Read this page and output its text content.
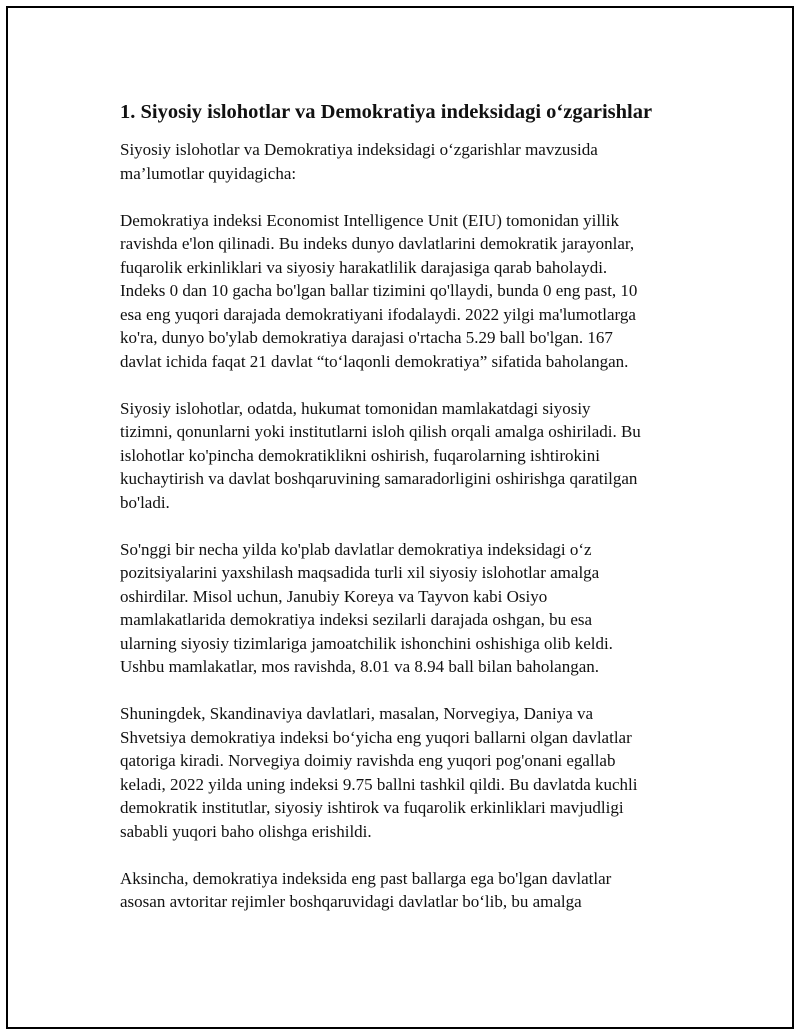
1. Siyosiy islohotlar va Demokratiya indeksidagi o‘zgarishlar
Siyosiy islohotlar va Demokratiya indeksidagi o‘zgarishlar mavzusida
ma’lumotlar quyidagicha:
Demokratiya indeksi Economist Intelligence Unit (EIU) tomonidan yillik
ravishda e'lon qilinadi. Bu indeks dunyo davlatlarini demokratik jarayonlar,
fuqarolik erkinliklari va siyosiy harakatlilik darajasiga qarab baholaydi.
Indeks 0 dan 10 gacha bo'lgan ballar tizimini qo'llaydi, bunda 0 eng past, 10
esa eng yuqori darajada demokratiyani ifodalaydi. 2022 yilgi ma'lumotlarga
ko'ra, dunyo bo'ylab demokratiya darajasi o'rtacha 5.29 ball bo'lgan. 167
davlat ichida faqat 21 davlat “to‘laqonli demokratiya” sifatida baholangan.
Siyosiy islohotlar, odatda, hukumat tomonidan mamlakatdagi siyosiy
tizimni, qonunlarni yoki institutlarni isloh qilish orqali amalga oshiriladi. Bu
islohotlar ko'pincha demokratiklikni oshirish, fuqarolarning ishtirokini
kuchaytirish va davlat boshqaruvining samaradorligini oshirishga qaratilgan
bo'ladi.
So'nggi bir necha yilda ko'plab davlatlar demokratiya indeksidagi o‘z
pozitsiyalarini yaxshilash maqsadida turli xil siyosiy islohotlar amalga
oshirdilar. Misol uchun, Janubiy Koreya va Tayvon kabi Osiyo
mamlakatlarida demokratiya indeksi sezilarli darajada oshgan, bu esa
ularning siyosiy tizimlariga jamoatchilik ishonchini oshishiga olib keldi.
Ushbu mamlakatlar, mos ravishda, 8.01 va 8.94 ball bilan baholangan.
Shuningdek, Skandinaviya davlatlari, masalan, Norvegiya, Daniya va
Shvetsiya demokratiya indeksi bo‘yicha eng yuqori ballarni olgan davlatlar
qatoriga kiradi. Norvegiya doimiy ravishda eng yuqori pog'onani egallab
keladi, 2022 yilda uning indeksi 9.75 ballni tashkil qildi. Bu davlatda kuchli
demokratik institutlar, siyosiy ishtirok va fuqarolik erkinliklari mavjudligi
sababli yuqori baho olishga erishildi.
Aksincha, demokratiya indeksida eng past ballarga ega bo'lgan davlatlar
asosan avtoritar rejimler boshqaruvidagi davlatlar bo‘lib, bu amalga
